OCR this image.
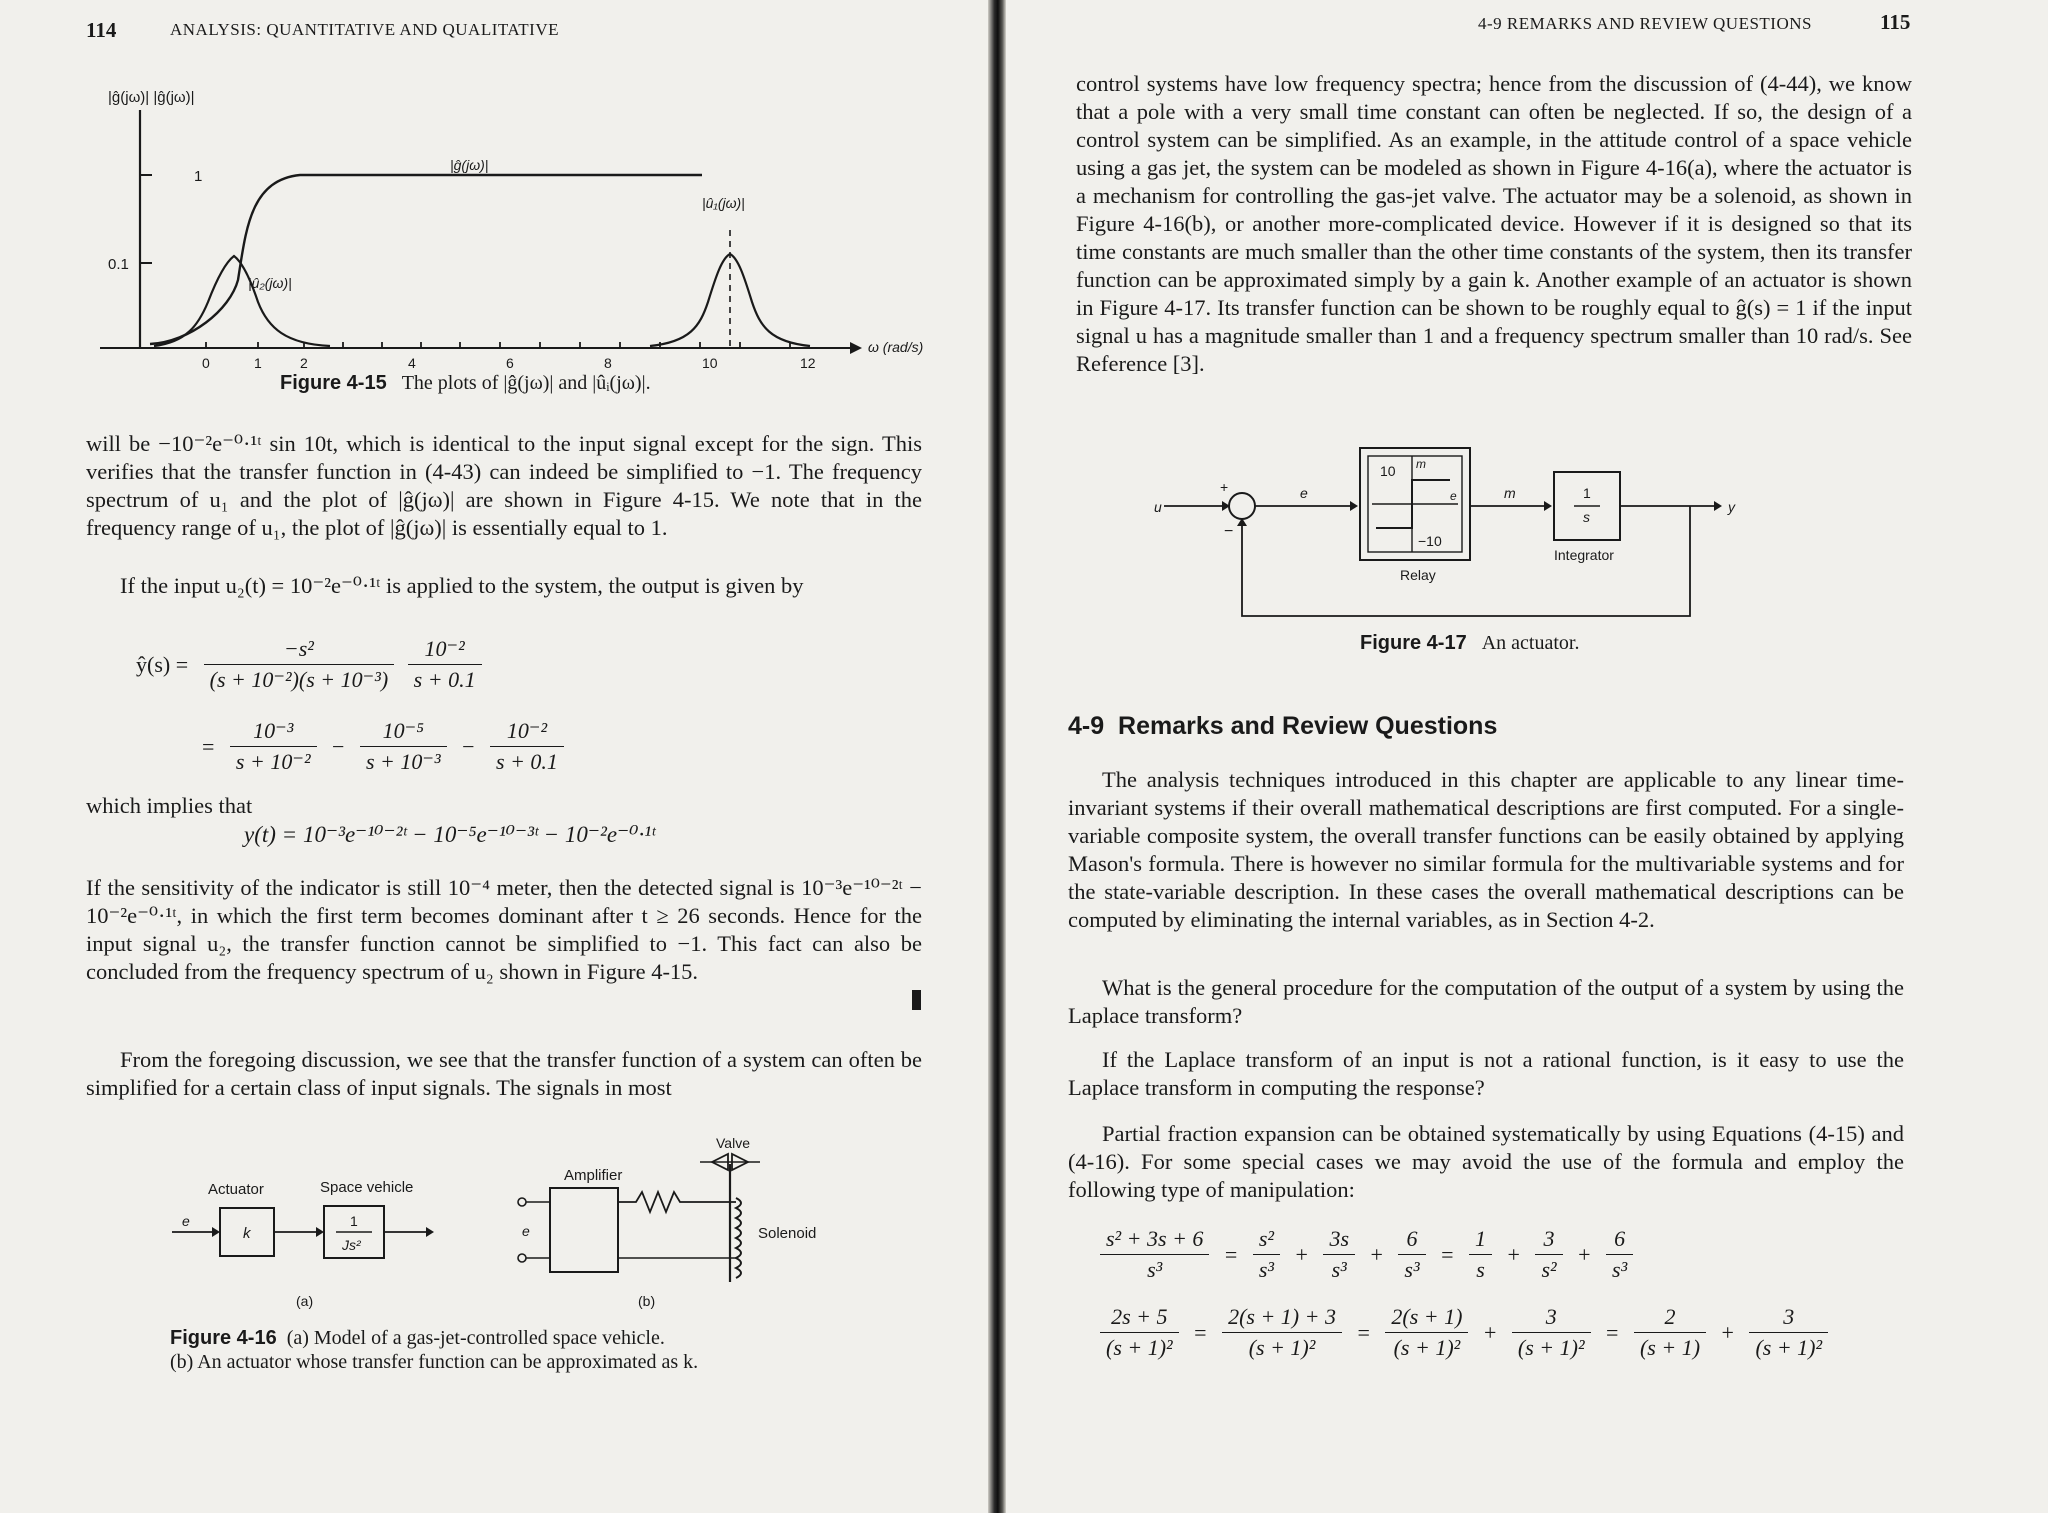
114	ANALYSIS: QUANTITATIVE AND QUALITATIVE
|ĝ(jω)| |ĝ(jω)|
1
0.1
0	1	2	4	6	8	10	12
ω (rad/s)
|ĝ(jω)|
|û₂(jω)|
|û₁(jω)|
Figure 4-15 The plots of |ĝ(jω)| and |ûᵢ(jω)|.

will be −10⁻²e⁻⁰·¹ᵗ sin 10t, which is identical to the input signal except for the sign. This verifies that the transfer function in (4-43) can indeed be simplified to −1. The frequency spectrum of u₁ and the plot of |ĝ(jω)| are shown in Figure 4-15. We note that in the frequency range of u₁, the plot of |ĝ(jω)| is essentially equal to 1.

If the input u₂(t) = 10⁻²e⁻⁰·¹ᵗ is applied to the system, the output is given by

ŷ(s) = $\frac{\text{−s²}}{\text{(s + 10⁻²)(s + 10⁻³)}}$
$\frac{\text{10⁻²}}{s + 0.1}$
= $\frac{\text{10⁻³}}{\text{s + 10⁻²}} - \frac{\text{10⁻⁵}}{\text{s + 10⁻³}} - \frac{\text{10⁻²}}{s + 0.1}$

which implies that

y(t) = 10⁻³e⁻¹⁰⁻²ᵗ − 10⁻⁵e⁻¹⁰⁻³ᵗ − 10⁻²e⁻⁰·¹ᵗ

If the sensitivity of the indicator is still 10⁻⁴ meter, then the detected signal is 10⁻³e⁻¹⁰⁻²ᵗ − 10⁻²e⁻⁰·¹ᵗ, in which the first term becomes dominant after t ≥ 26 seconds. Hence for the input signal u₂, the transfer function cannot be simplified to −1. This fact can also be concluded from the frequency spectrum of u₂ shown in Figure 4-15.

From the foregoing discussion, we see that the transfer function of a system can often be simplified for a certain class of input signals. The signals in most

Actuator	Space vehicle
e
k
1
Js²
(a)
e
Amplifier
Valve
Solenoid
(b)
Figure 4-16 (a) Model of a gas-jet-controlled space vehicle.
(b) An actuator whose transfer function can be approximated as k.
4-9 REMARKS AND REVIEW QUESTIONS	115

control systems have low frequency spectra; hence from the discussion of (4-44), we know that a pole with a very small time constant can often be neglected. If so, the design of a control system can be simplified. As an example, in the attitude control of a space vehicle using a gas jet, the system can be modeled as shown in Figure 4-16(a), where the actuator is a mechanism for controlling the gas-jet valve. The actuator may be a solenoid, as shown in Figure 4-16(b), or another more-complicated device. However if it is designed so that its time constants are much smaller than the other time constants of the system, then its transfer function can be approximated simply by a gain k. Another example of an actuator is shown in Figure 4-17. Its transfer function can be shown to be roughly equal to ĝ(s) = 1 if the input signal u has a magnitude smaller than 1 and a frequency spectrum smaller than 10 rad/s. See Reference [3].

u
+
−
e
10 m
e
−10
Relay
m	1
s
Integrator
y
Figure 4-17 An actuator.
4-9 Remarks and Review Questions

The analysis techniques introduced in this chapter are applicable to any linear time-invariant systems if their overall mathematical descriptions are first computed. For a single-variable composite system, the overall transfer functions can be easily obtained by applying Mason's formula. There is however no similar formula for the multivariable systems and for the state-variable description. In these cases the overall mathematical descriptions can be computed by eliminating the internal variables, as in Section 4-2.

What is the general procedure for the computation of the output of a system by using the Laplace transform?

If the Laplace transform of an input is not a rational function, is it easy to use the Laplace transform in computing the response?

Partial fraction expansion can be obtained systematically by using Equations (4-15) and (4-16). For some special cases we may avoid the use of the formula and employ the following type of manipulation:

$\frac{\text{s² + 3s + 6}}{\text{s³}} = \frac{\text{s²}}{\text{s³}} + \frac{3s}{\text{s³}} + \frac{6}{\text{s³}} = \frac{1}{s} + \frac{3}{\text{s²}} + \frac{6}{\text{s³}}$
$\frac{2s + 5}{\text{(s + 1)²}} = \frac{2(s + 1) + 3}{\text{(s + 1)²}} = \frac{2(s + 1)}{\text{(s + 1)²}} + \frac{3}{\text{(s + 1)²}} = \frac{2}{(s + 1)} + \frac{3}{\text{(s + 1)²}}$
